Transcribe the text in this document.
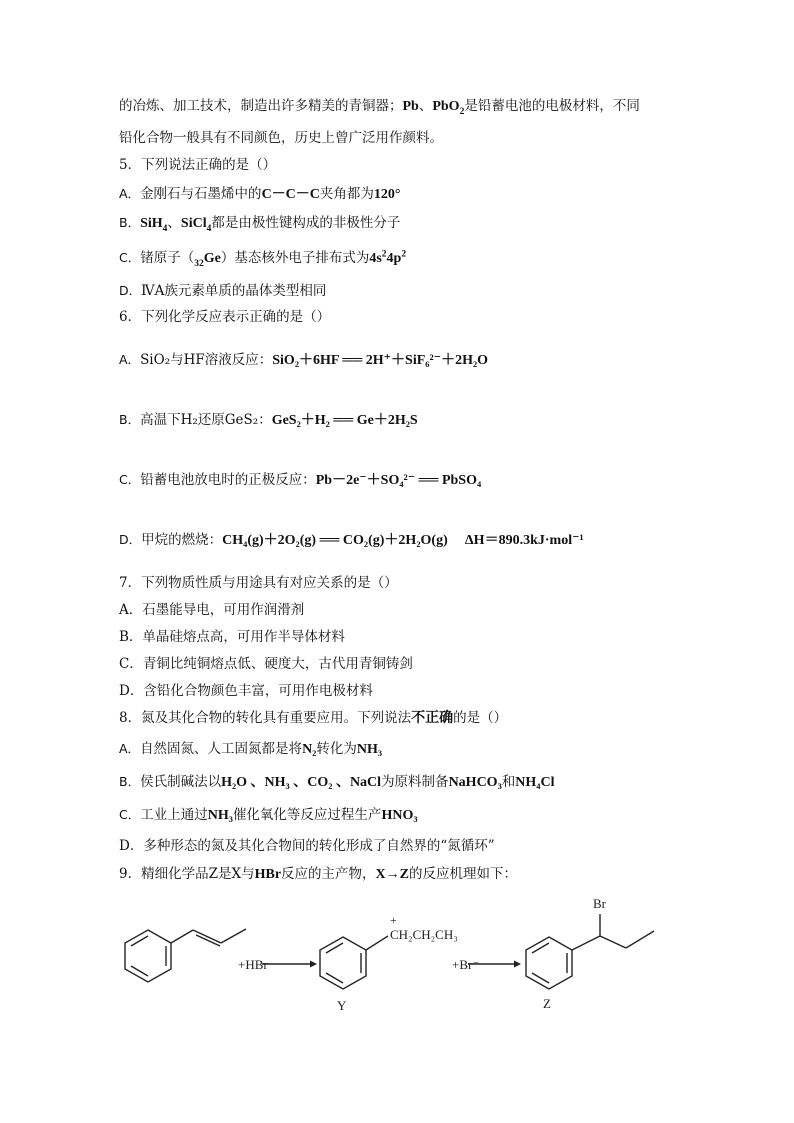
的冶炼、加工技术，制造出许多精美的青铜器；Pb、PbO$_2$是铅蓄电池的电极材料，不同
铅化合物一般具有不同颜色，历史上曾广泛用作颜料。
5．下列说法正确的是（）
A．金刚石与石墨烯中的C－C－C夹角都为120°
B．SiH$_4$、SiCl$_4$都是由极性键构成的非极性分子
C．锗原子$(_{32}Ge)$基态核外电子排布式为$4s^24p^2$
D．ⅣA族元素单质的晶体类型相同
6．下列化学反应表示正确的是（）
A．SiO₂与HF溶液反应：SiO₂＋6HF ══ 2H⁺＋SiF₆²⁻＋2H₂O
B．高温下H₂还原GeS₂：GeS₂＋H₂ ══ Ge＋2H₂S
C．铅蓄电池放电时的正极反应：Pb－2e⁻＋SO₄²⁻ ══ PbSO₄
D．甲烷的燃烧：CH₄(g)＋2O₂(g) ══ CO₂(g)＋2H₂O(g) ΔH＝890.3kJ·mol⁻¹
7．下列物质性质与用途具有对应关系的是（）
A．石墨能导电，可用作润滑剂
B．单晶硅熔点高，可用作半导体材料
C．青铜比纯铜熔点低、硬度大，古代用青铜铸剑
D．含铅化合物颜色丰富，可用作电极材料
8．氮及其化合物的转化具有重要应用。下列说法不正确的是（）
A．自然固氮、人工固氮都是将N₂转化为NH₃
B．侯氏制碱法以H₂O 、NH₃ 、CO₂ 、NaCl为原料制备NaHCO₃和NH₄Cl
C．工业上通过NH₃催化氧化等反应过程生产HNO₃
D．多种形态的氮及其化合物间的转化形成了自然界的“氮循环”
9．精细化学品Z是X与HBr反应的主产物，X→Z的反应机理如下：
+HBr	+Br⁻
+
CH₂CH₂CH₃
Br
Y	Z
